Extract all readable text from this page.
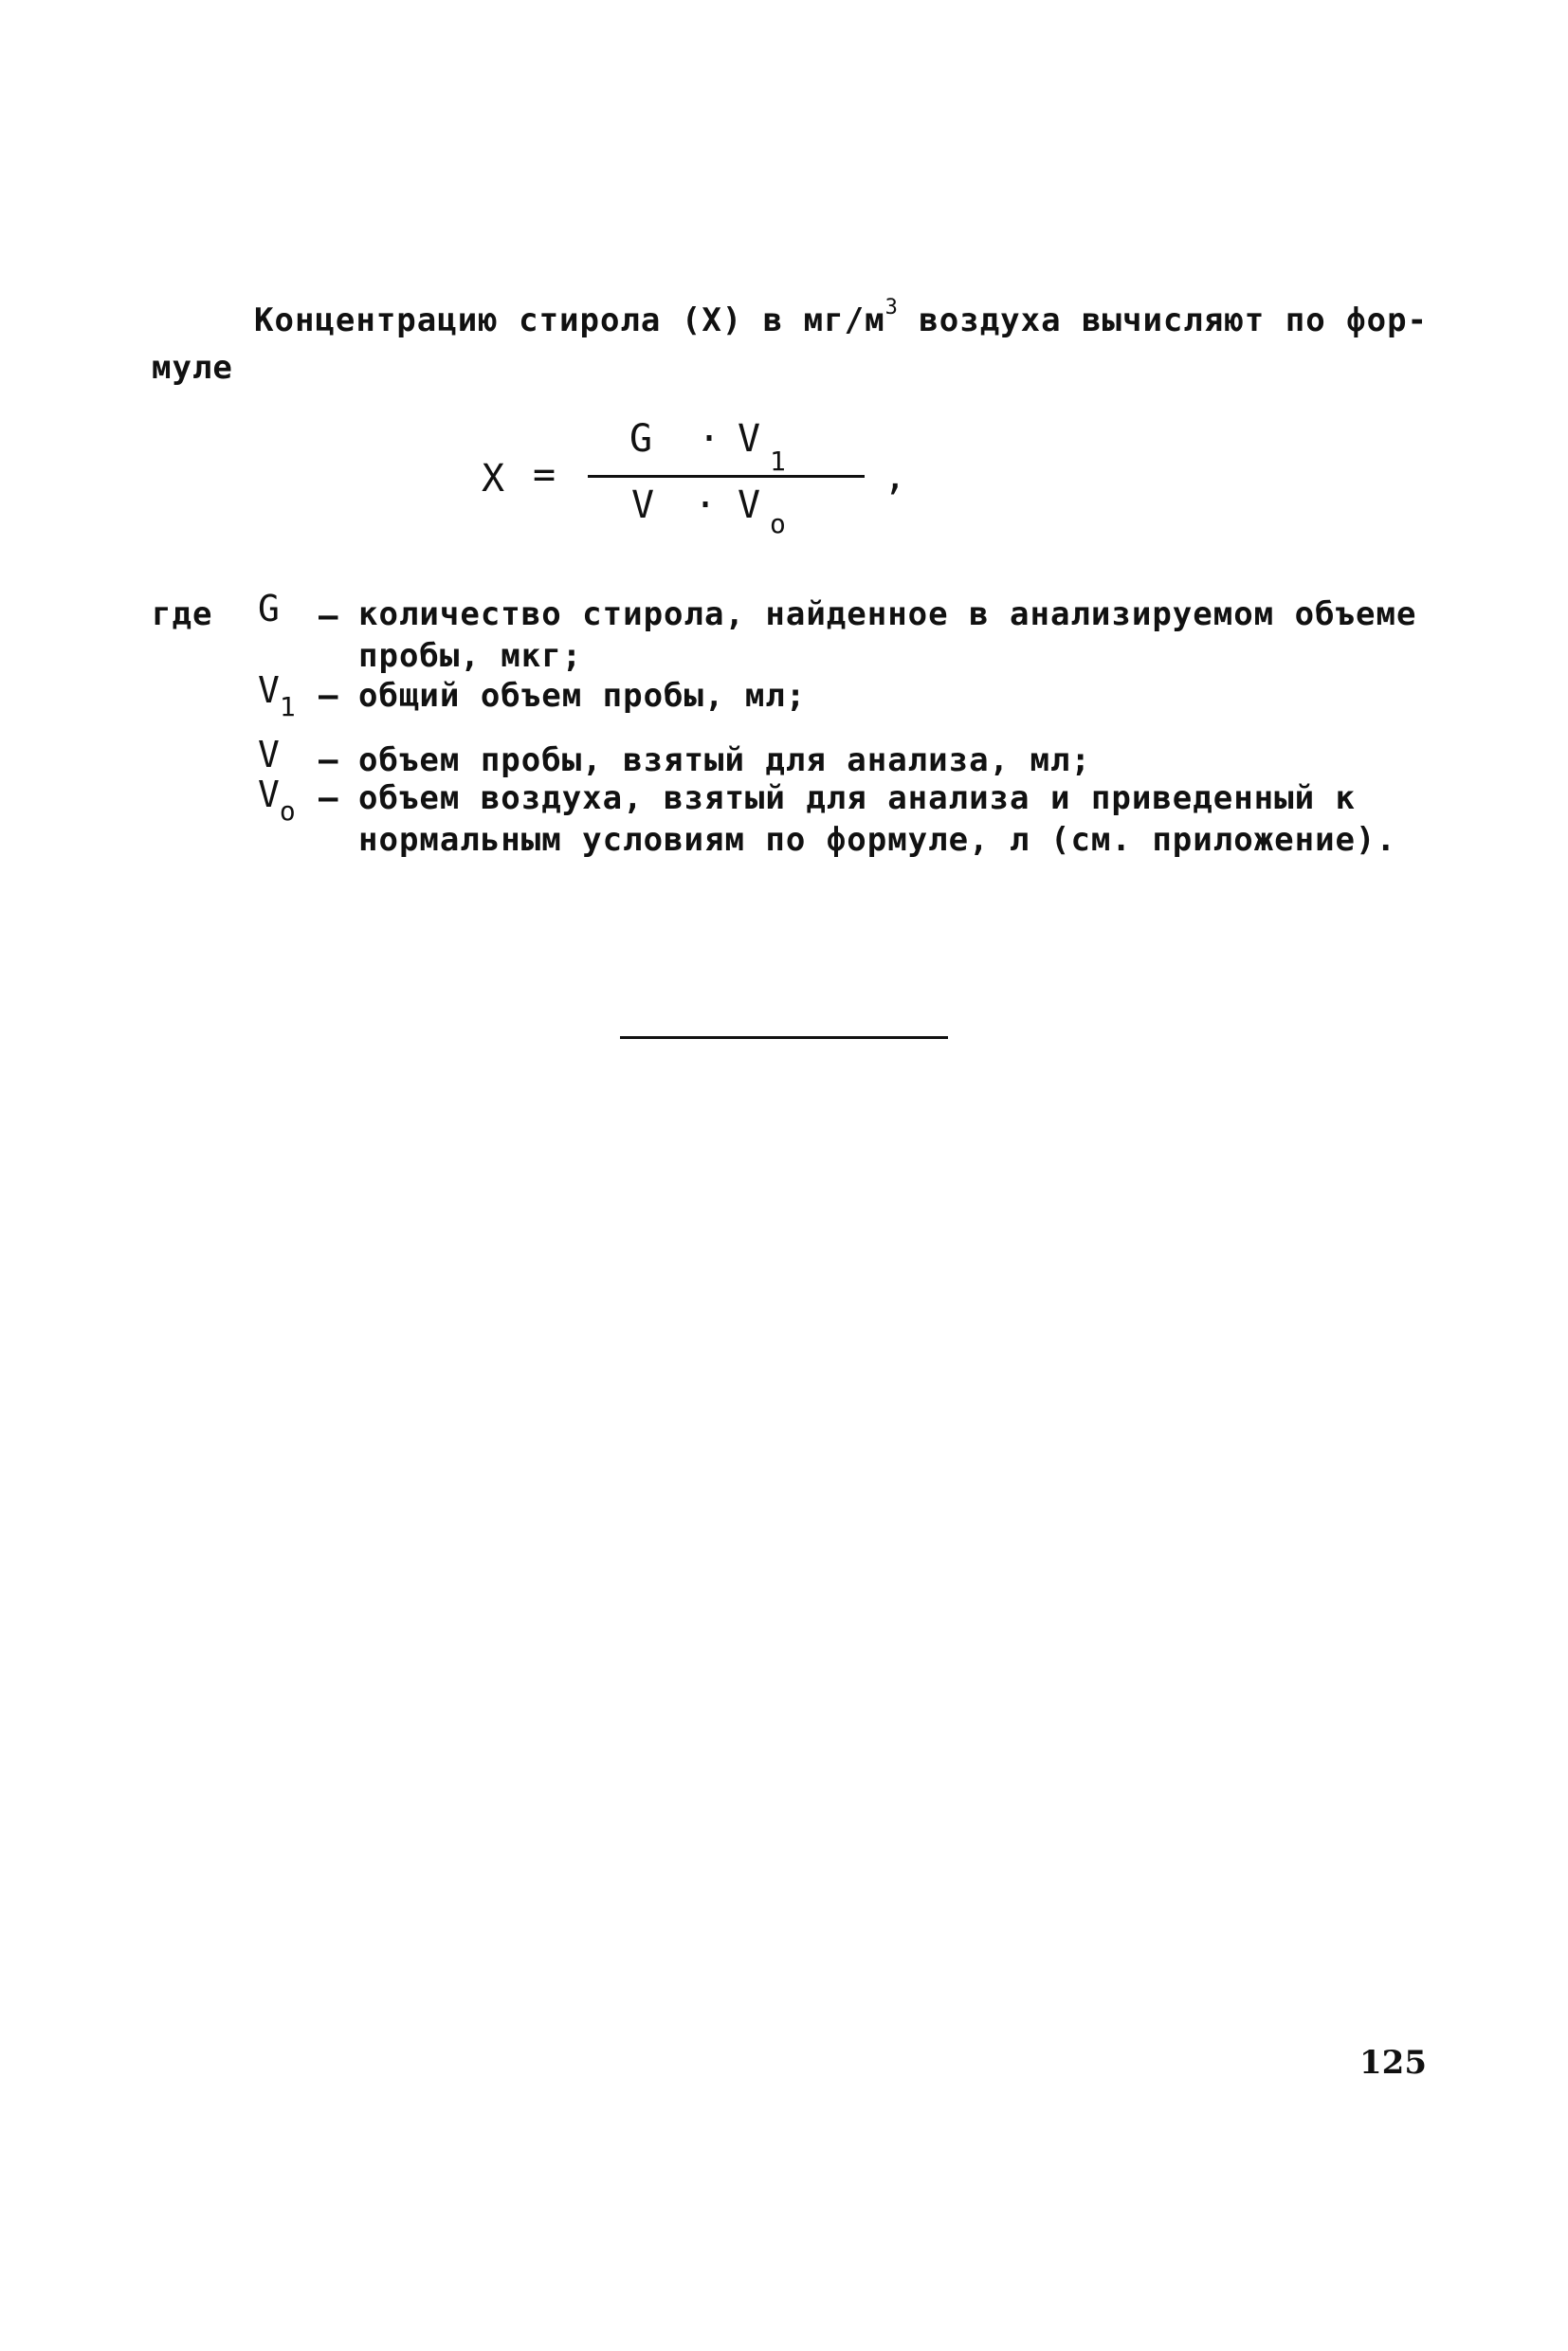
Концентрацию стирола (X) в $мг/м^3$ воздуха вычисляют по фор-
муле
X =
G · V
1
V · V o
,
где G – количество стирола, найденное в анализируемом объеме
пробы, мкг;
V1 – общий объем пробы, мл;
V – объем пробы, взятый для анализа, мл;
Vo – объем воздуха, взятый для анализа и приведенный к
нормальным условиям по формуле, л (см. приложение).
125
